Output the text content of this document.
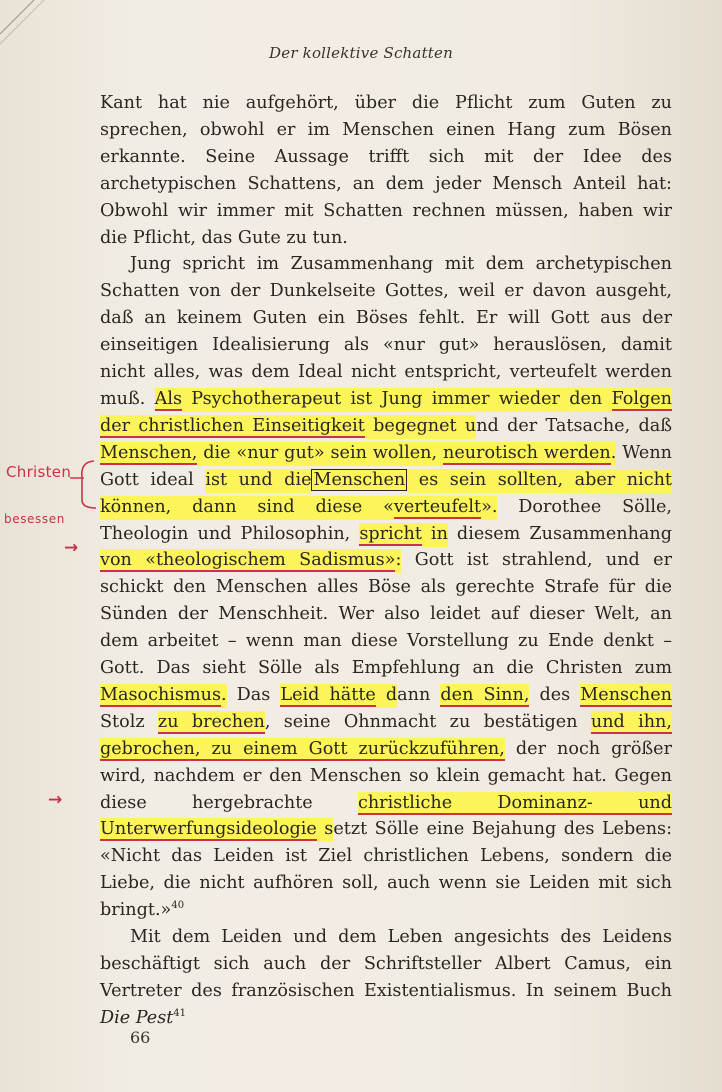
Der kollektive Schatten

Kant hat nie aufgehört, über die Pflicht zum Guten zu sprechen, obwohl er im Menschen einen Hang zum Bösen erkannte. Seine Aussage trifft sich mit der Idee des archetypischen Schattens, an dem jeder Mensch Anteil hat: Obwohl wir immer mit Schatten rechnen müssen, haben wir die Pflicht, das Gute zu tun.

Jung spricht im Zusammenhang mit dem archetypischen Schatten von der Dunkelseite Gottes, weil er davon ausgeht, daß an keinem Guten ein Böses fehlt. Er will Gott aus der einseitigen Idealisierung als «nur gut» herauslösen, damit nicht alles, was dem Ideal nicht entspricht, verteufelt werden muß. Als Psychotherapeut ist Jung immer wieder den Folgen der christlichen Einseitigkeit begegnet und der Tatsache, daß Menschen, die «nur gut» sein wollen, neurotisch werden. Wenn Gott ideal ist und die Menschen es sein sollten, aber nicht können, dann sind diese «verteufelt». Dorothee Sölle, Theologin und Philosophin, spricht in diesem Zusammenhang von «theologischem Sadismus»: Gott ist strahlend, und er schickt den Menschen alles Böse als gerechte Strafe für die Sünden der Menschheit. Wer also leidet auf dieser Welt, an dem arbeitet – wenn man diese Vorstellung zu Ende denkt – Gott. Das sieht Sölle als Empfehlung an die Christen zum Masochismus. Das Leid hätte dann den Sinn, des Menschen Stolz zu brechen, seine Ohnmacht zu bestätigen und ihn, gebrochen, zu einem Gott zurückzuführen, der noch größer wird, nachdem er den Menschen so klein gemacht hat. Gegen diese hergebrachte christliche Dominanz- und Unterwerfungsideologie setzt Sölle eine Bejahung des Lebens: «Nicht das Leiden ist Ziel christlichen Lebens, sondern die Liebe, die nicht aufhören soll, auch wenn sie Leiden mit sich bringt.»$^{40}$

Mit dem Leiden und dem Leben angesichts des Leidens beschäftigt sich auch der Schriftsteller Albert Camus, ein Vertreter des französischen Existentialismus. In seinem Buch Die Pest$^{41}$

Christen
besessen
→
→
66
